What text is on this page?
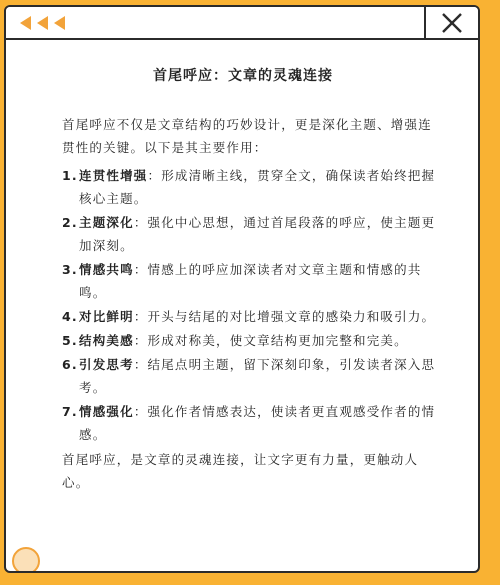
首尾呼应：文章的灵魂连接

首尾呼应不仅是文章结构的巧妙设计，更是深化主题、增强连贯性的关键。以下是其主要作用：

1. 连贯性增强：形成清晰主线，贯穿全文，确保读者始终把握核心主题。
2. 主题深化：强化中心思想，通过首尾段落的呼应，使主题更加深刻。
3. 情感共鸣：情感上的呼应加深读者对文章主题和情感的共鸣。
4. 对比鲜明：开头与结尾的对比增强文章的感染力和吸引力。
5. 结构美感：形成对称美，使文章结构更加完整和完美。
6. 引发思考：结尾点明主题，留下深刻印象，引发读者深入思考。
7. 情感强化：强化作者情感表达，使读者更直观感受作者的情感。

首尾呼应，是文章的灵魂连接，让文字更有力量，更触动人心。
